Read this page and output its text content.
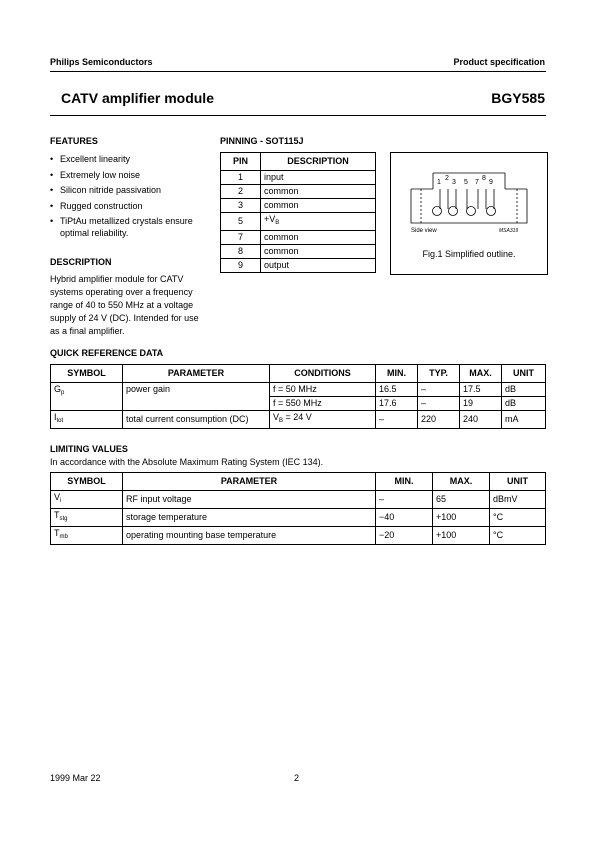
Philips Semiconductors	Product specification
CATV amplifier module	BGY585
FEATURES
• Excellent linearity
• Extremely low noise
• Silicon nitride passivation
• Rugged construction
• TiPtAu metallized crystals ensure optimal reliability.
DESCRIPTION
Hybrid amplifier module for CATV systems operating over a frequency range of 40 to 550 MHz at a voltage supply of 24 V (DC). Intended for use as a final amplifier.
PINNING - SOT115J
PIN	DESCRIPTION
1	input
2	common
3	common
5	$+V_B$
7	common
8	common
9	output
1
2
3 5 7
8
9
Side view	MSA319
Fig.1 Simplified outline.
QUICK REFERENCE DATA
SYMBOL	PARAMETER	CONDITIONS	MIN.	TYP.	MAX.	UNIT
$G_p$	power gain	f = 50 MHz	16.5	–	17.5	dB
		f = 550 MHz	17.6	–	19	dB
$I_{tot}$	total current consumption (DC)	$V_B = 24$ V	–	220	240	mA
LIMITING VALUES
In accordance with the Absolute Maximum Rating System (IEC 134).
SYMBOL	PARAMETER	MIN.	MAX.	UNIT
$V_i$	RF input voltage	–	65	dBmV
$T_{stg}$	storage temperature	−40	+100	°C
$T_{mb}$	operating mounting base temperature	−20	+100	°C
1999 Mar 22	2
